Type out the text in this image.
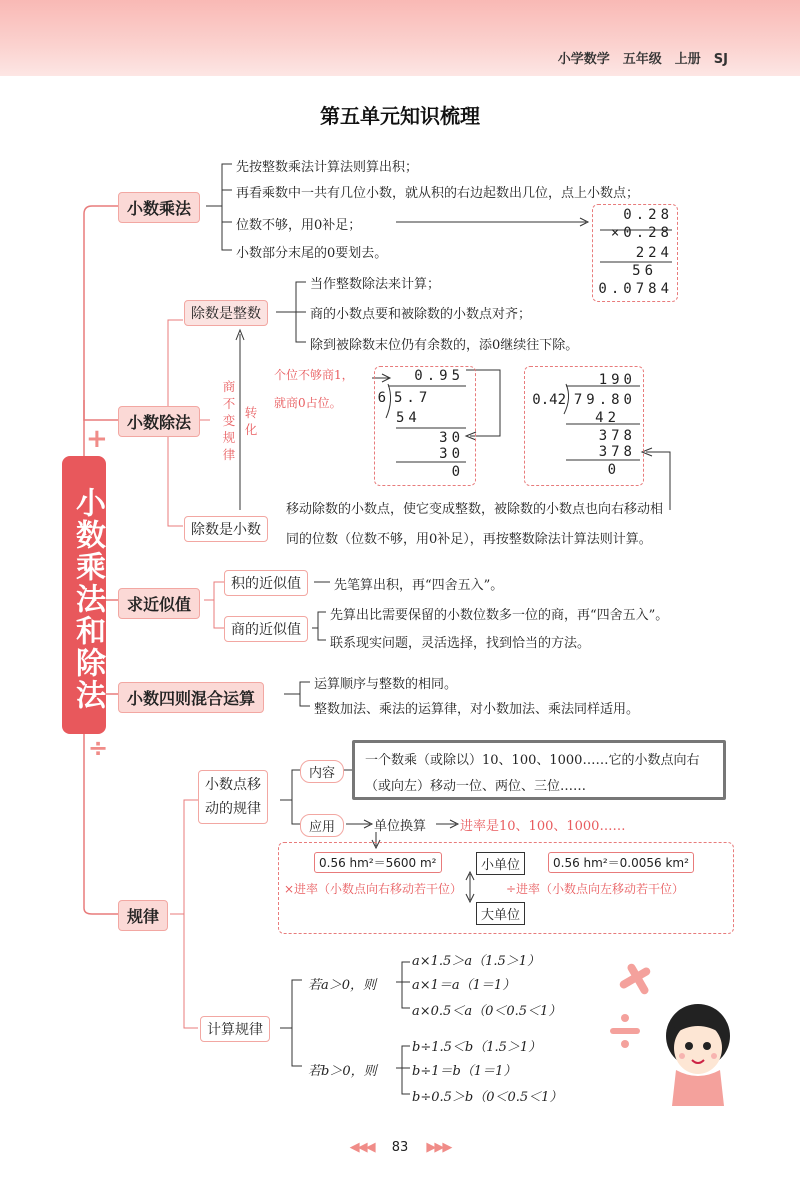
小学数学　五年级　上册　SJ
第五单元知识梳理
+
小数乘法和除法
÷
小数乘法
先按整数乘法计算法则算出积；
再看乘数中一共有几位小数，就从积的右边起数出几位，点上小数点；
位数不够，用0补足；
小数部分末尾的0要划去。
0.28
×0.28
224
56
0.0784
小数除法
除数是整数
当作整数除法来计算；
商的小数点要和被除数的小数点对齐；
除到被除数末位仍有余数的，添0继续往下除。
商不变规律
转化
个位不够商1，
就商0占位。
0.95
6 5.7
54
30
30
0
190
0.42 79.80
42
378
378
0
除数是小数
移动除数的小数点，使它变成整数，被除数的小数点也向右移动相
同的位数（位数不够，用0补足），再按整数除法计算法则计算。
求近似值
积的近似值	先笔算出积，再“四舍五入”。
商的近似值
先算出比需要保留的小数位数多一位的商，再“四舍五入”。
联系现实问题，灵活选择，找到恰当的方法。
小数四则混合运算
运算顺序与整数的相同。
整数加法、乘法的运算律，对小数加法、乘法同样适用。
规律
小数点移
动的规律
内容
一个数乘（或除以）10、100、1000……它的小数点向右
（或向左）移动一位、两位、三位……
应用	单位换算	进率是10、100、1000……
0.56 hm²＝5600 m²	小单位	0.56 hm²＝0.0056 km²
×进率（小数点向右移动若干位）	÷进率（小数点向左移动若干位）
大单位
计算规律
若a＞0，则
a×1.5＞a（1.5＞1）
a×1＝a（1＝1）
a×0.5＜a（0＜0.5＜1）
若b＞0，则
b÷1.5＜b（1.5＞1）
b÷1＝b（1＝1）
b÷0.5＞b（0＜0.5＜1）
◀◀◀ 83 ▶▶▶
